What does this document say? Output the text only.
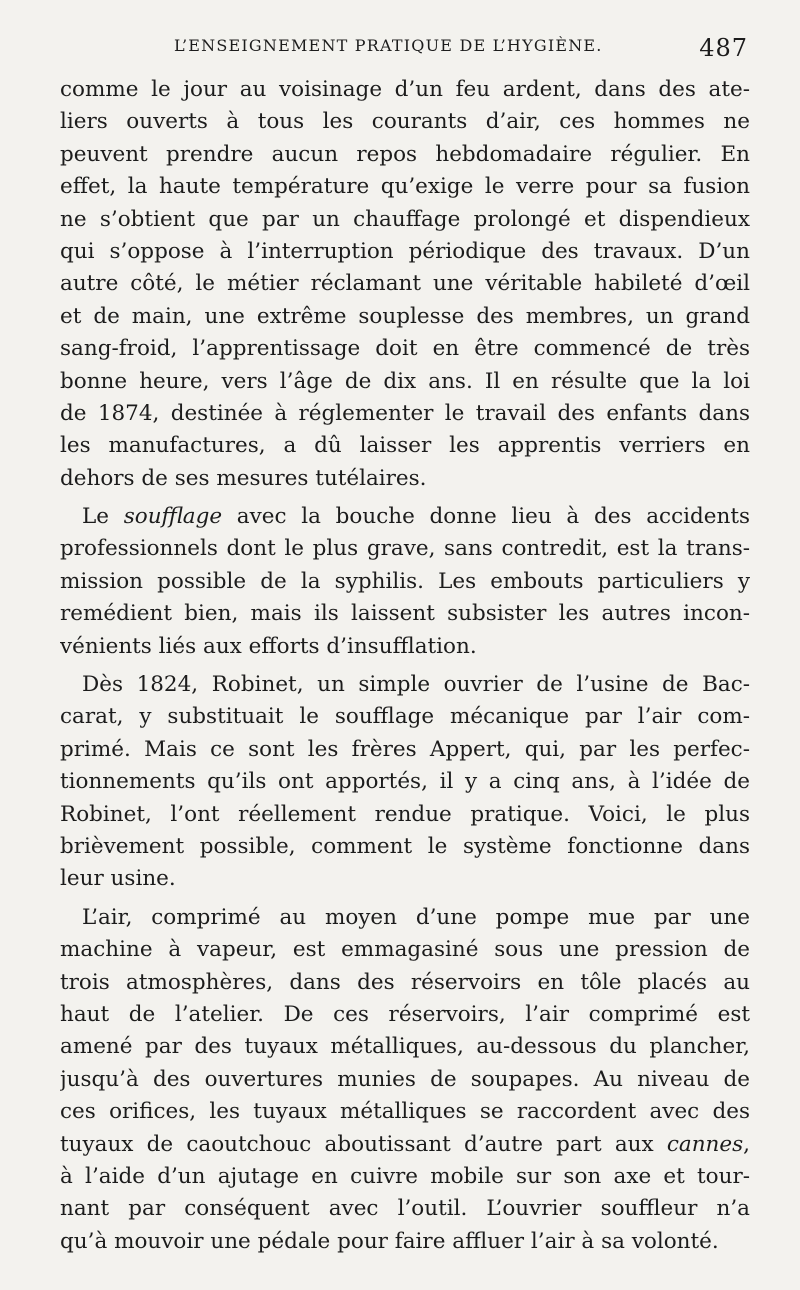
L’ENSEIGNEMENT PRATIQUE DE L’HYGIÈNE.	487
comme le jour au voisinage d’un feu ardent, dans des ate-
liers ouverts à tous les courants d’air, ces hommes ne
peuvent prendre aucun repos hebdomadaire régulier. En
effet, la haute température qu’exige le verre pour sa fusion
ne s’obtient que par un chauffage prolongé et dispendieux
qui s’oppose à l’interruption périodique des travaux. D’un
autre côté, le métier réclamant une véritable habileté d’œil
et de main, une extrême souplesse des membres, un grand
sang-froid, l’apprentissage doit en être commencé de très
bonne heure, vers l’âge de dix ans. Il en résulte que la loi
de 1874, destinée à réglementer le travail des enfants dans
les manufactures, a dû laisser les apprentis verriers en
dehors de ses mesures tutélaires.
Le soufflage avec la bouche donne lieu à des accidents
professionnels dont le plus grave, sans contredit, est la trans-
mission possible de la syphilis. Les embouts particuliers y
remédient bien, mais ils laissent subsister les autres incon-
vénients liés aux efforts d’insufflation.
Dès 1824, Robinet, un simple ouvrier de l’usine de Bac-
carat, y substituait le soufflage mécanique par l’air com-
primé. Mais ce sont les frères Appert, qui, par les perfec-
tionnements qu’ils ont apportés, il y a cinq ans, à l’idée de
Robinet, l’ont réellement rendue pratique. Voici, le plus
brièvement possible, comment le système fonctionne dans
leur usine.
L’air, comprimé au moyen d’une pompe mue par une
machine à vapeur, est emmagasiné sous une pression de
trois atmosphères, dans des réservoirs en tôle placés au
haut de l’atelier. De ces réservoirs, l’air comprimé est
amené par des tuyaux métalliques, au-dessous du plancher,
jusqu’à des ouvertures munies de soupapes. Au niveau de
ces orifices, les tuyaux métalliques se raccordent avec des
tuyaux de caoutchouc aboutissant d’autre part aux cannes,
à l’aide d’un ajutage en cuivre mobile sur son axe et tour-
nant par conséquent avec l’outil. L’ouvrier souffleur n’a
qu’à mouvoir une pédale pour faire affluer l’air à sa volonté.
